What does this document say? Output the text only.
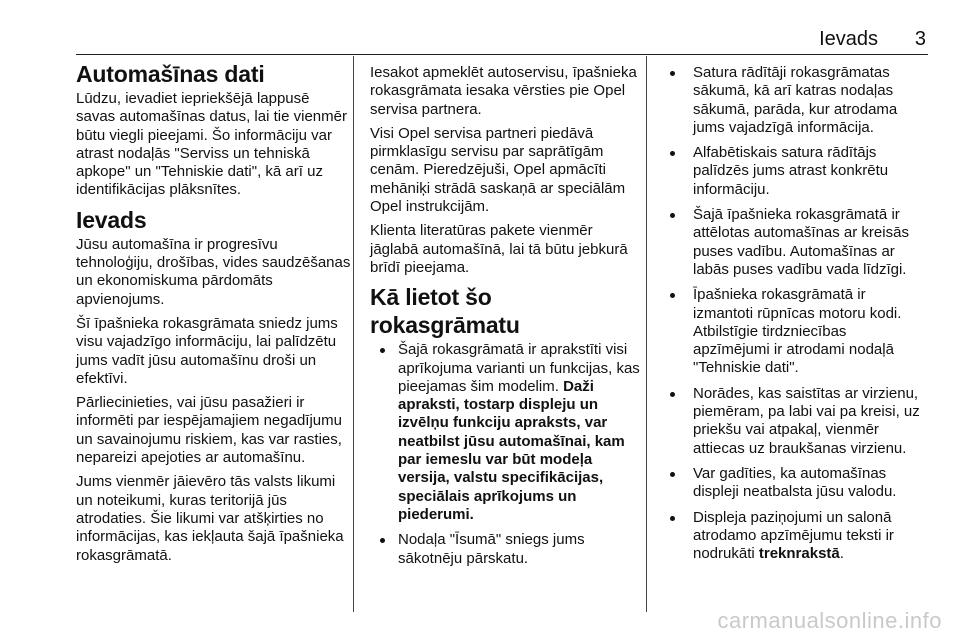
Ievads 3
Automašīnas dati

Lūdzu, ievadiet iepriekšējā lappusē savas automašīnas datus, lai tie vienmēr būtu viegli pieejami. Šo informāciju var atrast nodaļās "Serviss un tehniskā apkope" un "Tehniskie dati", kā arī uz identifikācijas plāksnītes.

Ievads

Jūsu automašīna ir progresīvu tehnoloģiju, drošības, vides saudzēšanas un ekonomiskuma pārdomāts apvienojums.

Šī īpašnieka rokasgrāmata sniedz jums visu vajadzīgo informāciju, lai palīdzētu jums vadīt jūsu automašīnu droši un efektīvi.

Pārliecinieties, vai jūsu pasažieri ir informēti par iespējamajiem negadījumu un savainojumu riskiem, kas var rasties, nepareizi apejoties ar automašīnu.

Jums vienmēr jāievēro tās valsts likumi un noteikumi, kuras teritorijā jūs atrodaties. Šie likumi var atšķirties no informācijas, kas iekļauta šajā īpašnieka rokasgrāmatā.

Iesakot apmeklēt autoservisu, īpašnieka rokasgrāmata iesaka vērsties pie Opel servisa partnera.

Visi Opel servisa partneri piedāvā pirmklasīgu servisu par saprātīgām cenām. Pieredzējuši, Opel apmācīti mehāniķi strādā saskaņā ar speciālām Opel instrukcijām.

Klienta literatūras pakete vienmēr jāglabā automašīnā, lai tā būtu jebkurā brīdī pieejama.

Kā lietot šo rokasgrāmatu
Šajā rokasgrāmatā ir aprakstīti visi aprīkojuma varianti un funkcijas, kas pieejamas šim modelim. Daži apraksti, tostarp displeju un izvēlņu funkciju apraksts, var neatbilst jūsu automašīnai, kam par iemeslu var būt modeļa versija, valstu specifikācijas, speciālais aprīkojums un piederumi.
Nodaļa "Īsumā" sniegs jums sākotnēju pārskatu.
Satura rādītāji rokasgrāmatas sākumā, kā arī katras nodaļas sākumā, parāda, kur atrodama jums vajadzīgā informācija.
Alfabētiskais satura rādītājs palīdzēs jums atrast konkrētu informāciju.
Šajā īpašnieka rokasgrāmatā ir attēlotas automašīnas ar kreisās puses vadību. Automašīnas ar labās puses vadību vada līdzīgi.
Īpašnieka rokasgrāmatā ir izmantoti rūpnīcas motoru kodi. Atbilstīgie tirdzniecības apzīmējumi ir atrodami nodaļā "Tehniskie dati".
Norādes, kas saistītas ar virzienu, piemēram, pa labi vai pa kreisi, uz priekšu vai atpakaļ, vienmēr attiecas uz braukšanas virzienu.
Var gadīties, ka automašīnas displeji neatbalsta jūsu valodu.
Displeja paziņojumi un salonā atrodamo apzīmējumu teksti ir nodrukāti treknrakstā.
carmanualsonline.info
